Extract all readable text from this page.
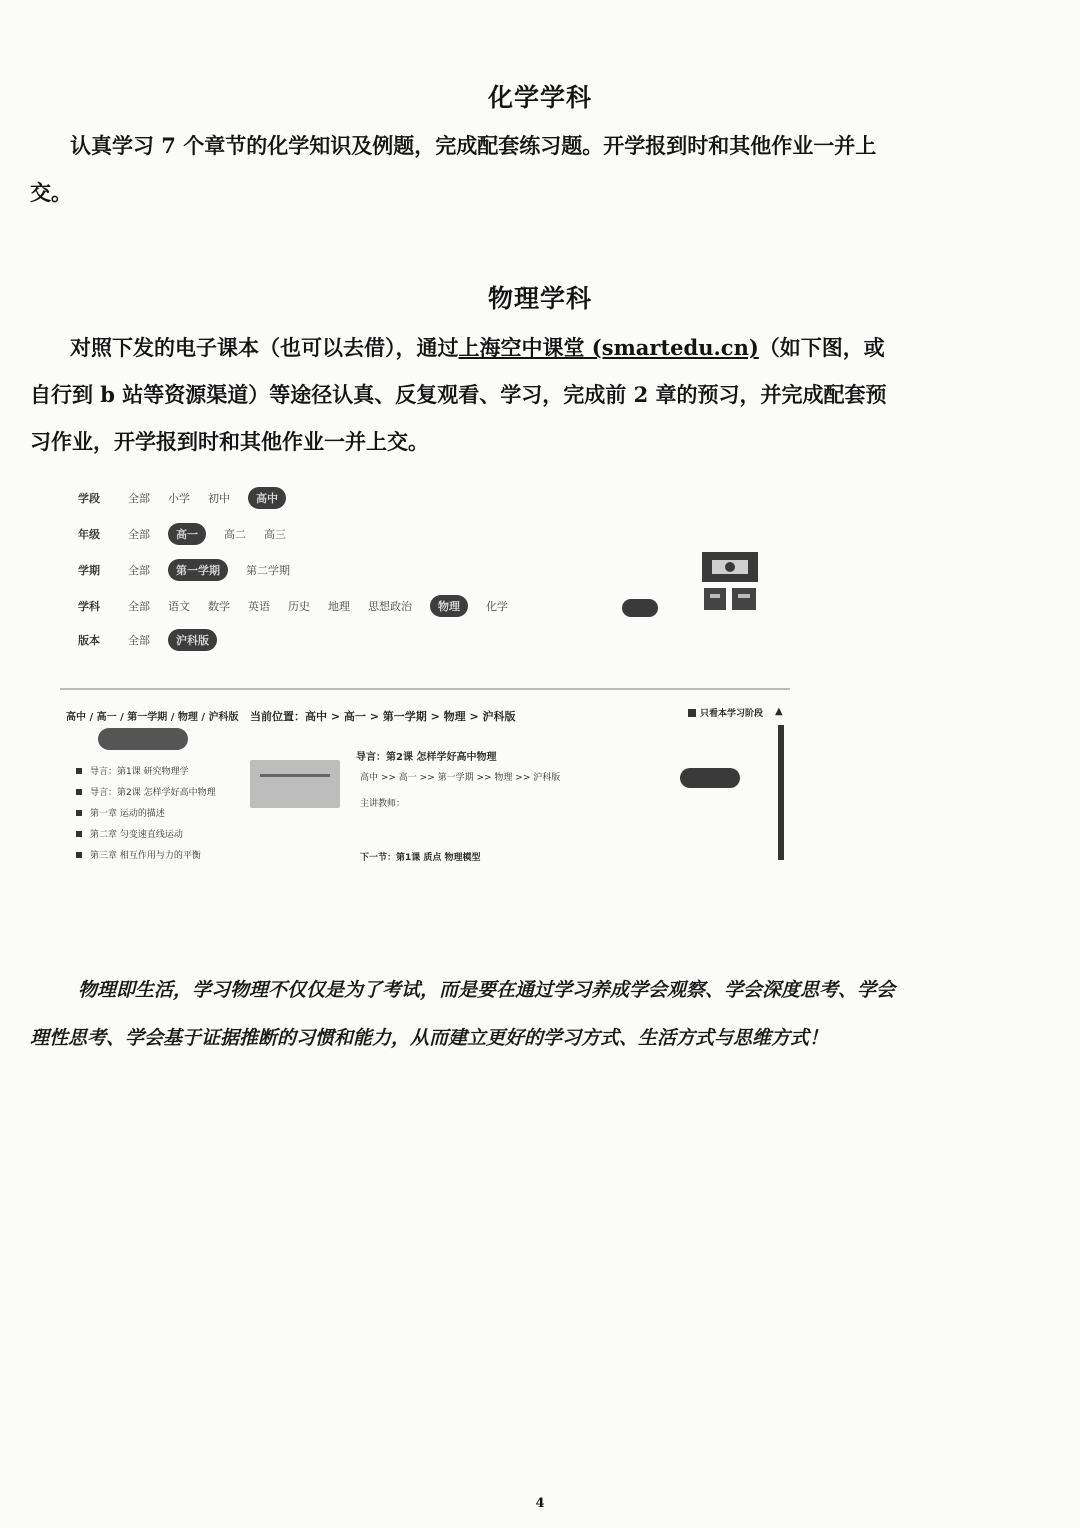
化学学科

认真学习 7 个章节的化学知识及例题，完成配套练习题。开学报到时和其他作业一并上交。

物理学科

对照下发的电子课本（也可以去借），通过上海空中课堂 (smartedu.cn)（如下图，或自行到 b 站等资源渠道）等途径认真、反复观看、学习，完成前 2 章的预习，并完成配套预习作业，开学报到时和其他作业一并上交。

学段	全部 小学 初中	高中
年级	全部	高一	高二 高三
学期	全部	第一学期	第二学期
学科	全部 语文 数学 英语 历史 地理 思想政治	物理	化学
版本	全部	沪科版
高中 / 高一 / 第一学期 / 物理 / 沪科版
导言：第1课 研究物理学
导言：第2课 怎样学好高中物理
第一章 运动的描述
第二章 匀变速直线运动
第三章 相互作用与力的平衡
当前位置：高中 > 高一 > 第一学期 > 物理 > 沪科版
导言：第2课 怎样学好高中物理
高中 >> 高一 >> 第一学期 >> 物理 >> 沪科版
主讲教师：
下一节：第1课 质点 物理模型
只看本学习阶段 ▲

物理即生活，学习物理不仅仅是为了考试，而是要在通过学习养成学会观察、学会深度思考、学会理性思考、学会基于证据推断的习惯和能力，从而建立更好的学习方式、生活方式与思维方式！

4
